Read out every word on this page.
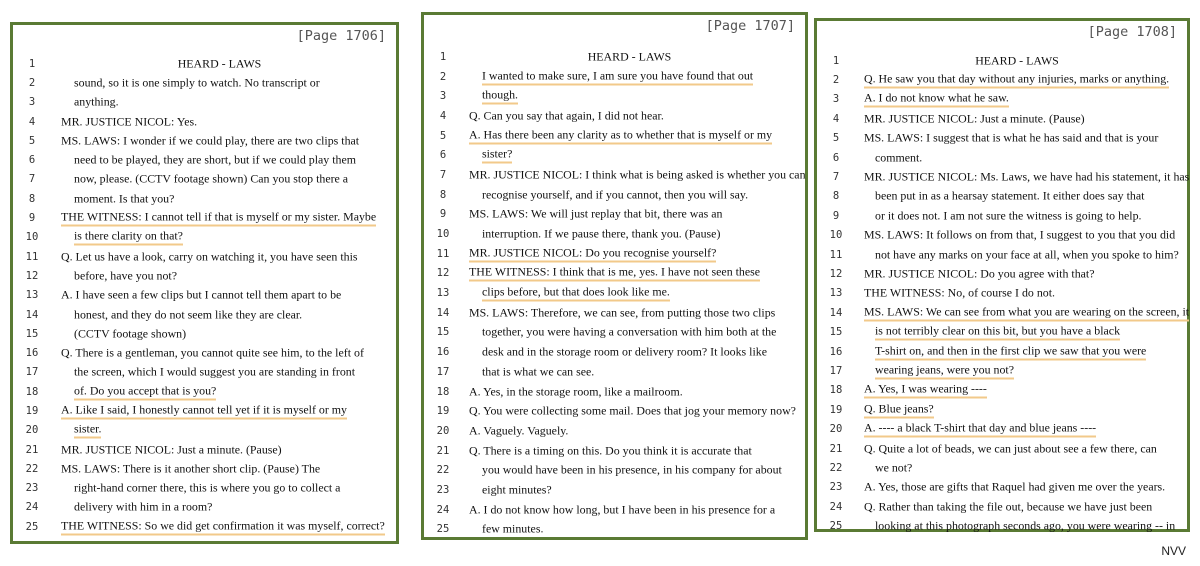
[Page 1706]
1	HEARD - LAWS
2	sound, so it is one simply to watch. No transcript or
3	anything.
4	MR. JUSTICE NICOL: Yes.
5	MS. LAWS: I wonder if we could play, there are two clips that
6	need to be played, they are short, but if we could play them
7	now, please. (CCTV footage shown) Can you stop there a
8	moment. Is that you?
9	THE WITNESS: I cannot tell if that is myself or my sister. Maybe
10	is there clarity on that?
11	Q. Let us have a look, carry on watching it, you have seen this
12	before, have you not?
13	A. I have seen a few clips but I cannot tell them apart to be
14	honest, and they do not seem like they are clear.
15	(CCTV footage shown)
16	Q. There is a gentleman, you cannot quite see him, to the left of
17	the screen, which I would suggest you are standing in front
18	of. Do you accept that is you?
19	A. Like I said, I honestly cannot tell yet if it is myself or my
20	sister.
21	MR. JUSTICE NICOL: Just a minute. (Pause)
22	MS. LAWS: There is it another short clip. (Pause) The
23	right-hand corner there, this is where you go to collect a
24	delivery with him in a room?
25	THE WITNESS: So we did get confirmation it was myself, correct?
[Page 1707]
1	HEARD - LAWS
2	I wanted to make sure, I am sure you have found that out
3	though.
4	Q. Can you say that again, I did not hear.
5	A. Has there been any clarity as to whether that is myself or my
6	sister?
7	MR. JUSTICE NICOL: I think what is being asked is whether you can
8	recognise yourself, and if you cannot, then you will say.
9	MS. LAWS: We will just replay that bit, there was an
10	interruption. If we pause there, thank you. (Pause)
11	MR. JUSTICE NICOL: Do you recognise yourself?
12	THE WITNESS: I think that is me, yes. I have not seen these
13	clips before, but that does look like me.
14	MS. LAWS: Therefore, we can see, from putting those two clips
15	together, you were having a conversation with him both at the
16	desk and in the storage room or delivery room? It looks like
17	that is what we can see.
18	A. Yes, in the storage room, like a mailroom.
19	Q. You were collecting some mail. Does that jog your memory now?
20	A. Vaguely. Vaguely.
21	Q. There is a timing on this. Do you think it is accurate that
22	you would have been in his presence, in his company for about
23	eight minutes?
24	A. I do not know how long, but I have been in his presence for a
25	few minutes.
[Page 1708]
1	HEARD - LAWS
2	Q. He saw you that day without any injuries, marks or anything.
3	A. I do not know what he saw.
4	MR. JUSTICE NICOL: Just a minute. (Pause)
5	MS. LAWS: I suggest that is what he has said and that is your
6	comment.
7	MR. JUSTICE NICOL: Ms. Laws, we have had his statement, it has
8	been put in as a hearsay statement. It either does say that
9	or it does not. I am not sure the witness is going to help.
10	MS. LAWS: It follows on from that, I suggest to you that you did
11	not have any marks on your face at all, when you spoke to him?
12	MR. JUSTICE NICOL: Do you agree with that?
13	THE WITNESS: No, of course I do not.
14	MS. LAWS: We can see from what you are wearing on the screen, it
15	is not terribly clear on this bit, but you have a black
16	T-shirt on, and then in the first clip we saw that you were
17	wearing jeans, were you not?
18	A. Yes, I was wearing ----
19	Q. Blue jeans?
20	A. ---- a black T-shirt that day and blue jeans ----
21	Q. Quite a lot of beads, we can just about see a few there, can
22	we not?
23	A. Yes, those are gifts that Raquel had given me over the years.
24	Q. Rather than taking the file out, because we have just been
25	looking at this photograph seconds ago, you were wearing -- in
NVV
